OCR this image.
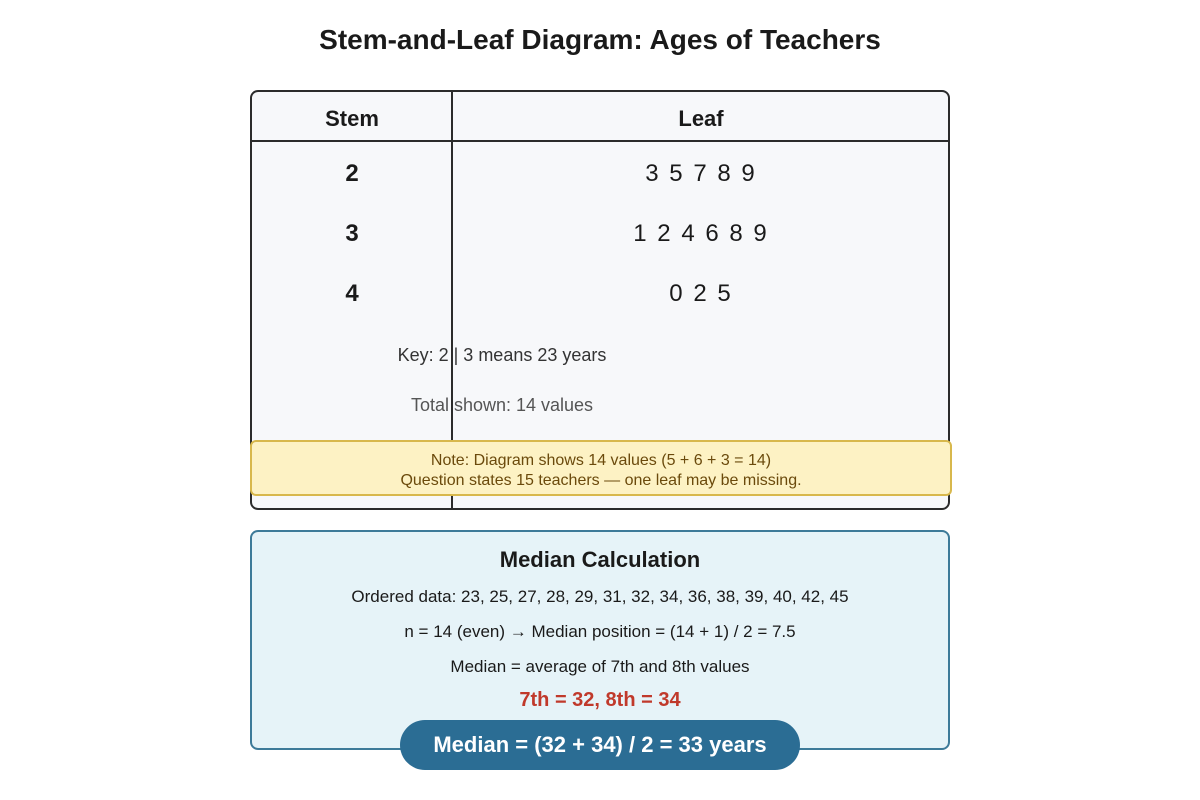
Stem-and-Leaf Diagram: Ages of Teachers
Stem	Leaf
2	3 5 7 8 9
3	1 2 4 6 8 9
4	0 2 5
Key: 2 | 3 means 23 years
Total shown: 14 values
Note: Diagram shows 14 values (5 + 6 + 3 = 14)
Question states 15 teachers — one leaf may be missing.
Median Calculation
Ordered data: 23, 25, 27, 28, 29, 31, 32, 34, 36, 38, 39, 40, 42, 45
n = 14 (even) → Median position = (14 + 1) / 2 = 7.5
Median = average of 7th and 8th values
7th = 32, 8th = 34
Median = (32 + 34) / 2 = 33 years
